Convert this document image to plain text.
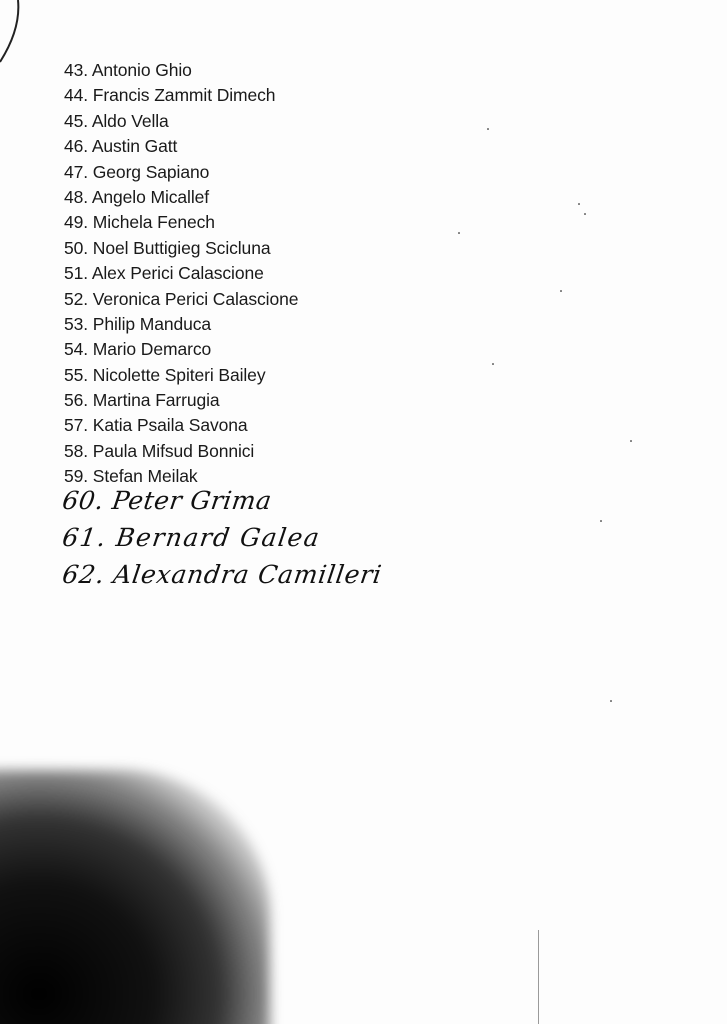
43. Antonio Ghio
44. Francis Zammit Dimech
45. Aldo Vella
46. Austin Gatt
47. Georg Sapiano
48. Angelo Micallef
49. Michela Fenech
50. Noel Buttigieg Scicluna
51. Alex Perici Calascione
52. Veronica Perici Calascione
53. Philip Manduca
54. Mario Demarco
55. Nicolette Spiteri Bailey
56. Martina Farrugia
57. Katia Psaila Savona
58. Paula Mifsud Bonnici
59. Stefan Meilak
60. Peter Grima
61. Bernard Galea
62. Alexandra Camilleri
